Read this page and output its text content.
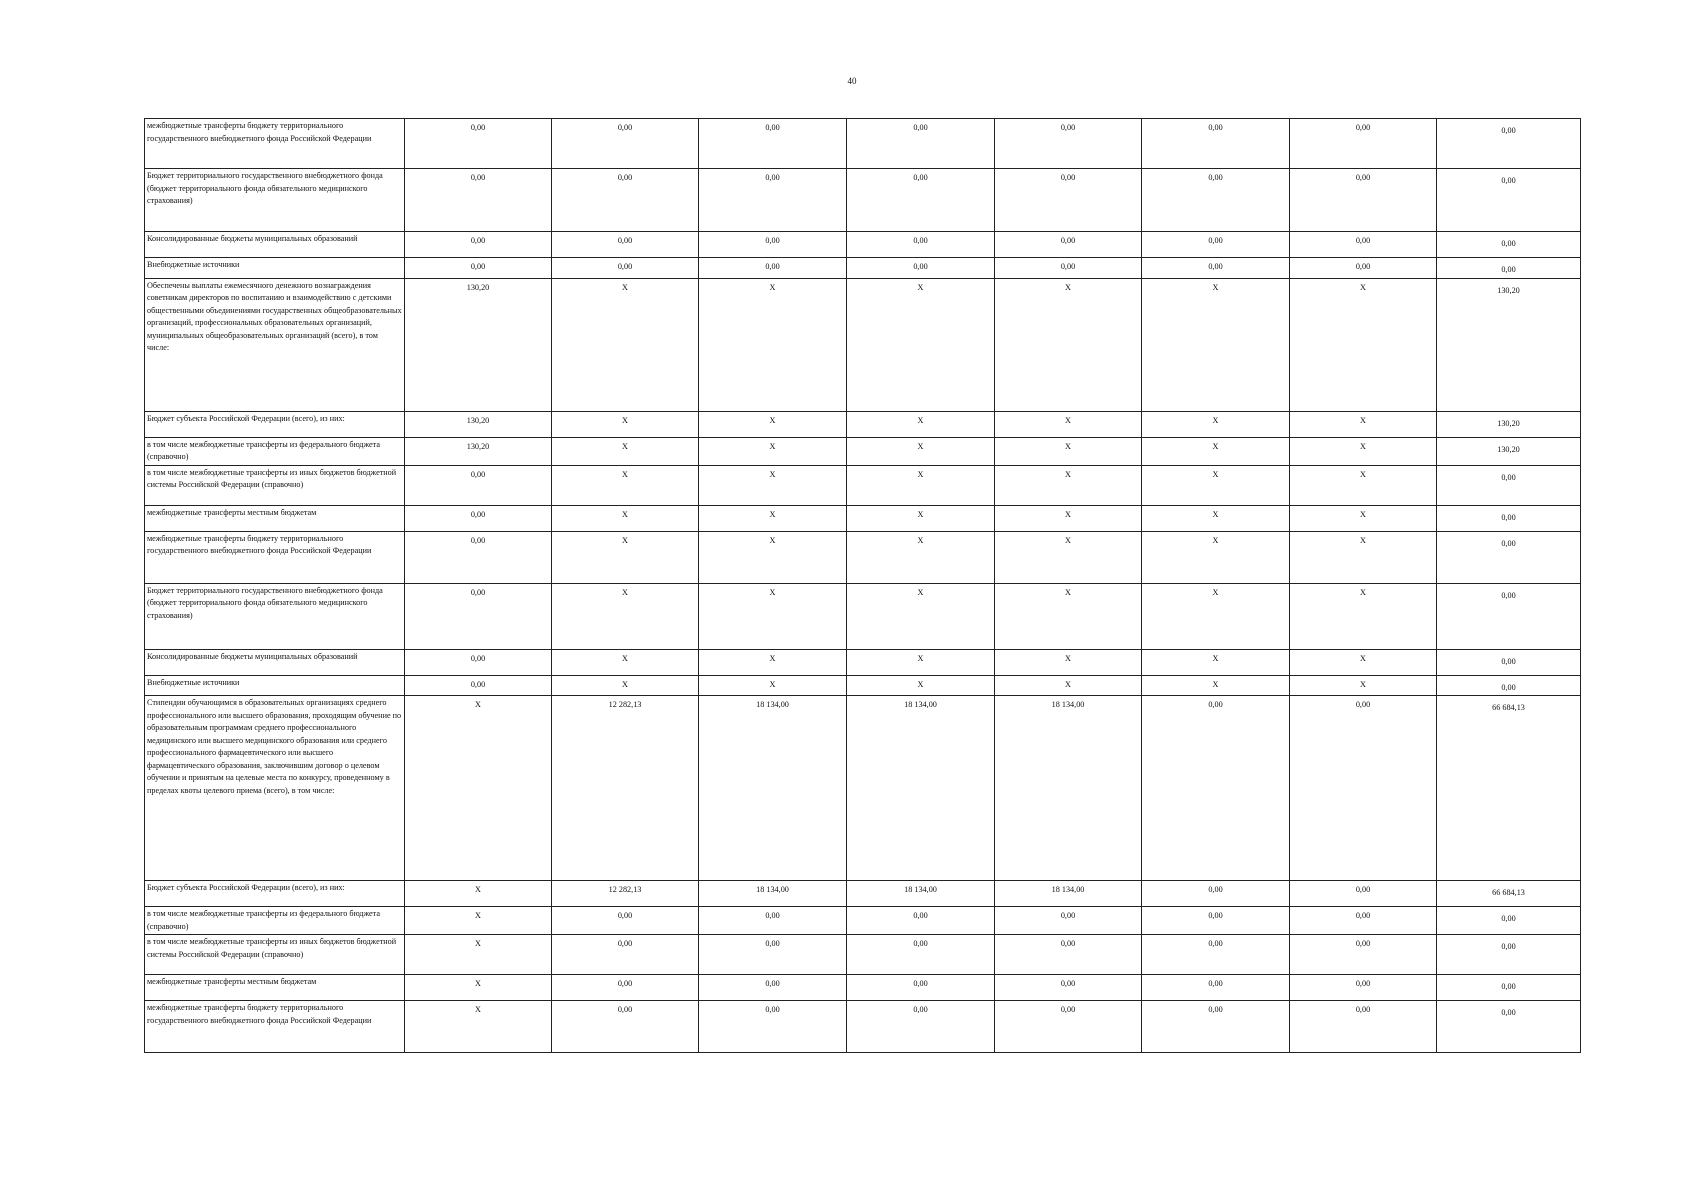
40
межбюджетные трансферты бюджету территориального государственного внебюджетного фонда Российской Федерации	0,00	0,00	0,00	0,00	0,00	0,00	0,00	0,00
Бюджет территориального государственного внебюджетного фонда (бюджет территориального фонда обязательного медицинского страхования)	0,00	0,00	0,00	0,00	0,00	0,00	0,00	0,00
Консолидированные бюджеты муниципальных образований	0,00	0,00	0,00	0,00	0,00	0,00	0,00	0,00
Внебюджетные источники	0,00	0,00	0,00	0,00	0,00	0,00	0,00	0,00
Обеспечены выплаты ежемесячного денежного вознаграждения советникам директоров по воспитанию и взаимодействию с детскими общественными объединениями государственных общеобразовательных организаций, профессиональных образовательных организаций, муниципальных общеобразовательных организаций (всего), в том числе:	130,20	X	X	X	X	X	X	130,20
Бюджет субъекта Российской Федерации (всего), из них:	130,20	X	X	X	X	X	X	130,20
в том числе межбюджетные трансферты из федерального бюджета (справочно)	130,20	X	X	X	X	X	X	130,20
в том числе межбюджетные трансферты из иных бюджетов бюджетной системы Российской Федерации (справочно)	0,00	X	X	X	X	X	X	0,00
межбюджетные трансферты местным бюджетам	0,00	X	X	X	X	X	X	0,00
межбюджетные трансферты бюджету территориального государственного внебюджетного фонда Российской Федерации	0,00	X	X	X	X	X	X	0,00
Бюджет территориального государственного внебюджетного фонда (бюджет территориального фонда обязательного медицинского страхования)	0,00	X	X	X	X	X	X	0,00
Консолидированные бюджеты муниципальных образований	0,00	X	X	X	X	X	X	0,00
Внебюджетные источники	0,00	X	X	X	X	X	X	0,00
Стипендии обучающимся в образовательных организациях среднего профессионального или высшего образования, проходящим обучение по образовательным программам среднего профессионального медицинского или высшего медицинского образования или среднего профессионального фармацевтического или высшего фармацевтического образования, заключившим договор о целевом обучении и принятым на целевые места по конкурсу, проведенному в пределах квоты целевого приема (всего), в том числе:	X	12 282,13	18 134,00	18 134,00	18 134,00	0,00	0,00	66 684,13
Бюджет субъекта Российской Федерации (всего), из них:	X	12 282,13	18 134,00	18 134,00	18 134,00	0,00	0,00	66 684,13
в том числе межбюджетные трансферты из федерального бюджета (справочно)	X	0,00	0,00	0,00	0,00	0,00	0,00	0,00
в том числе межбюджетные трансферты из иных бюджетов бюджетной системы Российской Федерации (справочно)	X	0,00	0,00	0,00	0,00	0,00	0,00	0,00
межбюджетные трансферты местным бюджетам	X	0,00	0,00	0,00	0,00	0,00	0,00	0,00
межбюджетные трансферты бюджету территориального государственного внебюджетного фонда Российской Федерации	X	0,00	0,00	0,00	0,00	0,00	0,00	0,00
